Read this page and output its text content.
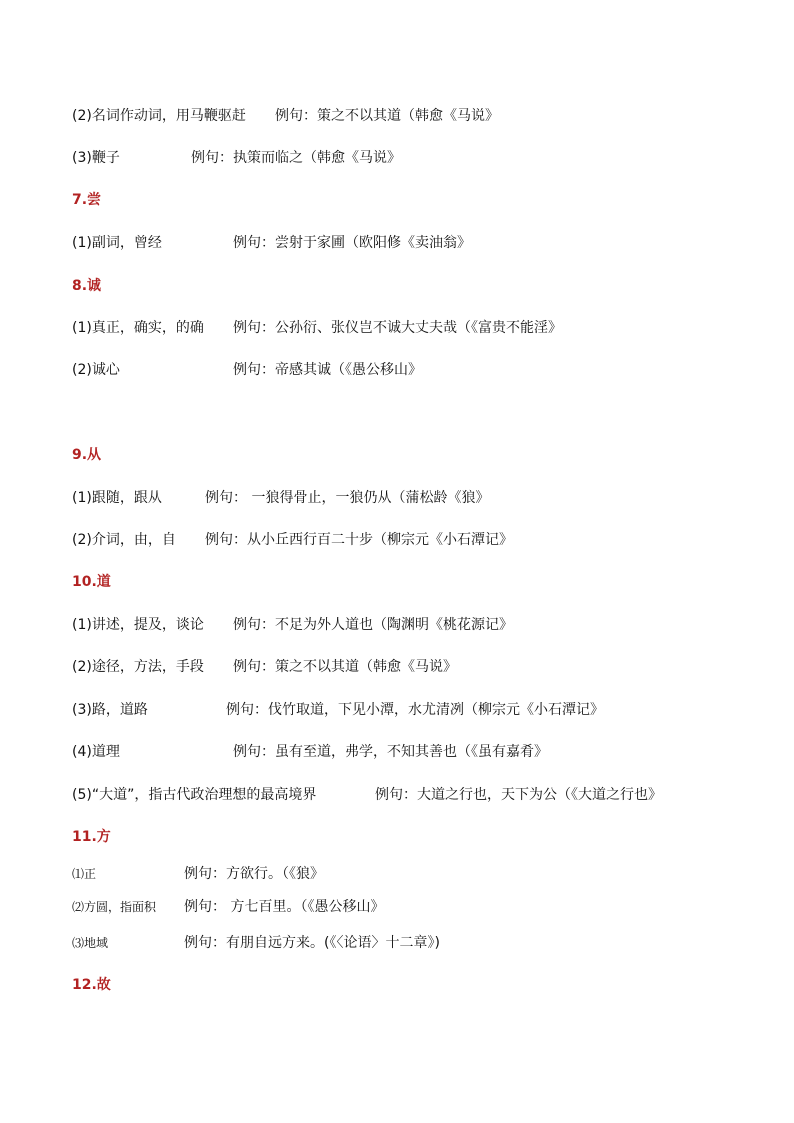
(2)名词作动词，用马鞭驱赶 例句：策之不以其道（韩愈《马说》
(3)鞭子	例句：执策而临之（韩愈《马说》
7.尝
(1)副词，曾经	例句：尝射于家圃（欧阳修《卖油翁》
8.诚
(1)真正，确实，的确 例句：公孙衍、张仪岂不诚大丈夫哉（《富贵不能淫》
(2)诚心	例句：帝感其诚（《愚公移山》
9.从
(1)跟随，跟从	例句： 一狼得骨止，一狼仍从（蒲松龄《狼》
(2)介词，由，自 例句：从小丘西行百二十步（柳宗元《小石潭记》
10.道
(1)讲述，提及，谈论 例句：不足为外人道也（陶渊明《桃花源记》
(2)途径，方法，手段 例句：策之不以其道（韩愈《马说》
(3)路，道路	例句：伐竹取道，下见小潭，水尤清冽（柳宗元《小石潭记》
(4)道理	例句：虽有至道，弗学，不知其善也（《虽有嘉肴》
(5)“大道”，指古代政治理想的最高境界	例句：大道之行也，天下为公（《大道之行也》
11.方
⑴正	例句：方欲行。（《狼》
⑵方圆，指面积 例句： 方七百里。（《愚公移山》
⑶地域	例句：有朋自远方来。(《〈论语〉十二章》)
12.故
